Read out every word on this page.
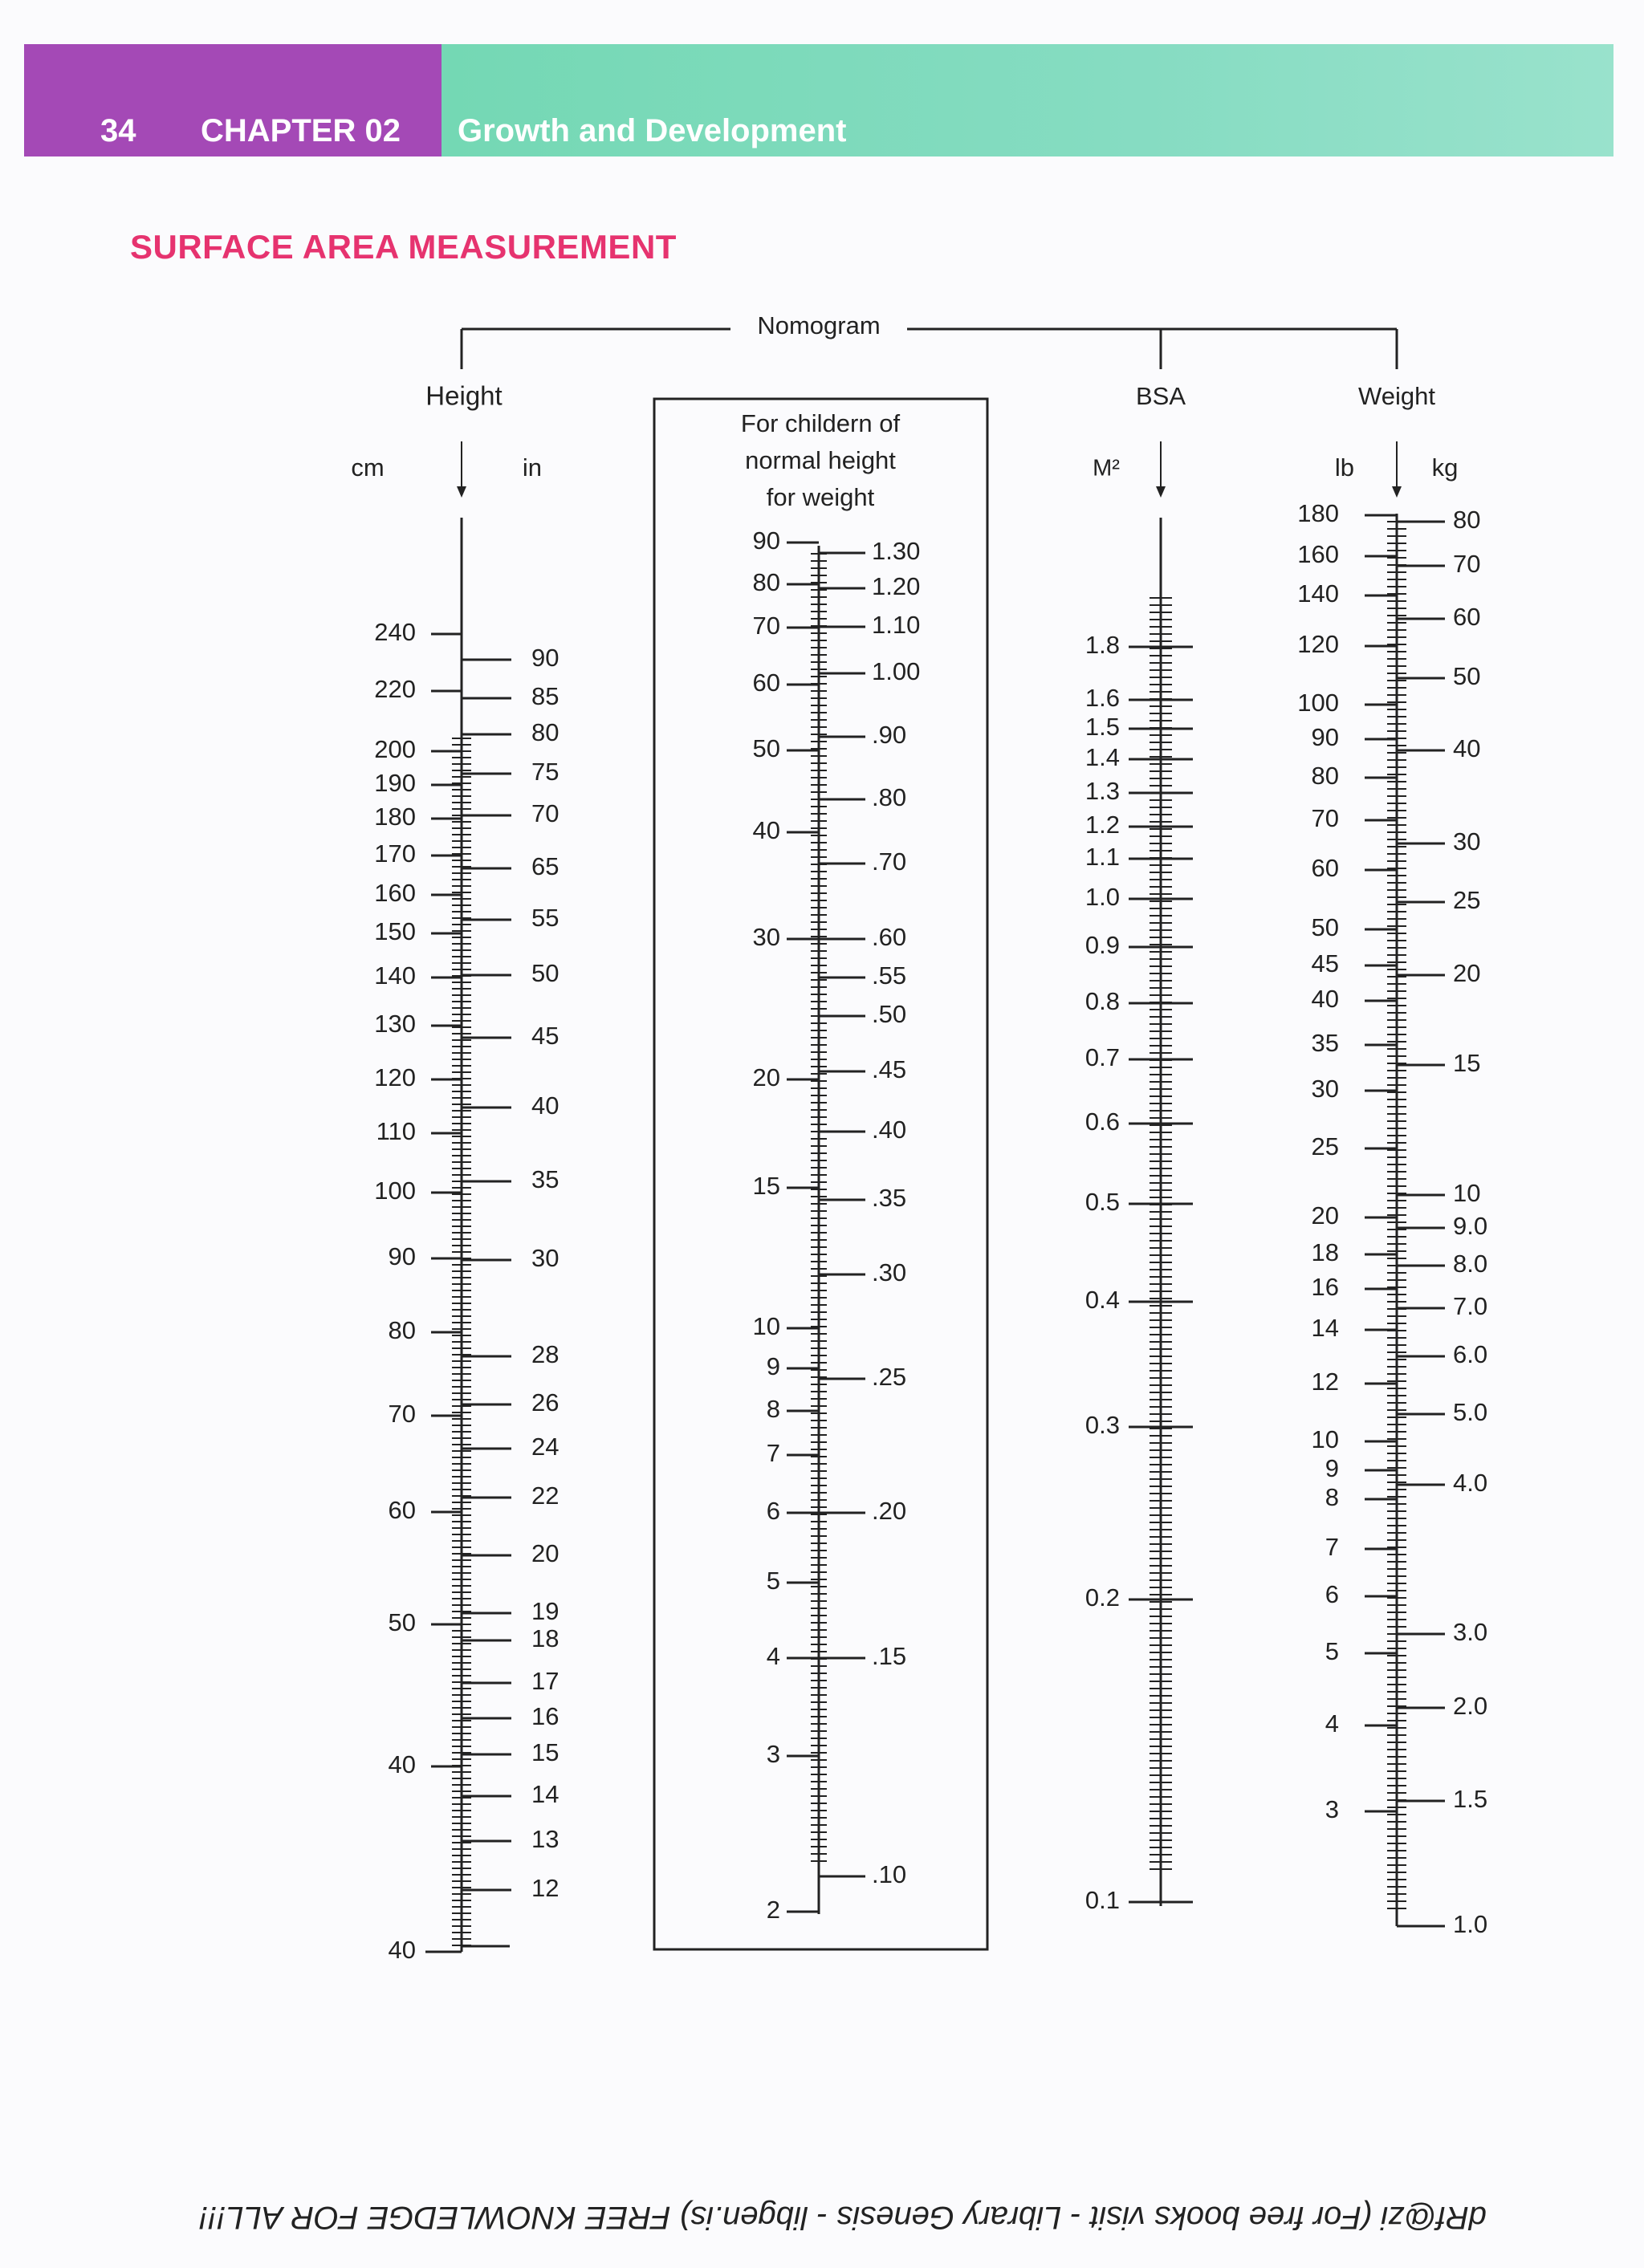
34 CHAPTER 02 Growth and Development
SURFACE AREA MEASUREMENT
Nomogram
Height
cm	in
240
220
200
190
180
170
160
150
140
130
120
110
100
90
80
70
60
50
40
40
90
85
80
75
70
65
55
50
45
40
35
30
28
26
24
22
20
19
18
17
16
15
14
13
12
For childern of
normal height
for weight
90
80
70
60
50
40
30
20
15
10
9
8
7
6
5
4
3
2
1.30
1.20
1.10
1.00
.90
.80
.70
.60
.55
.50
.45
.40
.35
.30
.25
.20
.15
.10
BSA
M²
1.8
1.6
1.5
1.4
1.3
1.2
1.1
1.0
0.9
0.8
0.7
0.6
0.5
0.4
0.3
0.2
0.1
Weight
lb	kg
180
160
140
120
100
90
80
70
60
50
45
40
35
30
25
20
18
16
14
12
10
9
8
7
6
5
4
3
80
70
60
50
40
30
25
20
15
10
9.0
8.0
7.0
6.0
5.0
4.0
3.0
2.0
1.5
1.0
dRf@zi (For free books visit - Library Genesis - libgen.is) FREE KNOWLEDGE FOR ALL!!!
